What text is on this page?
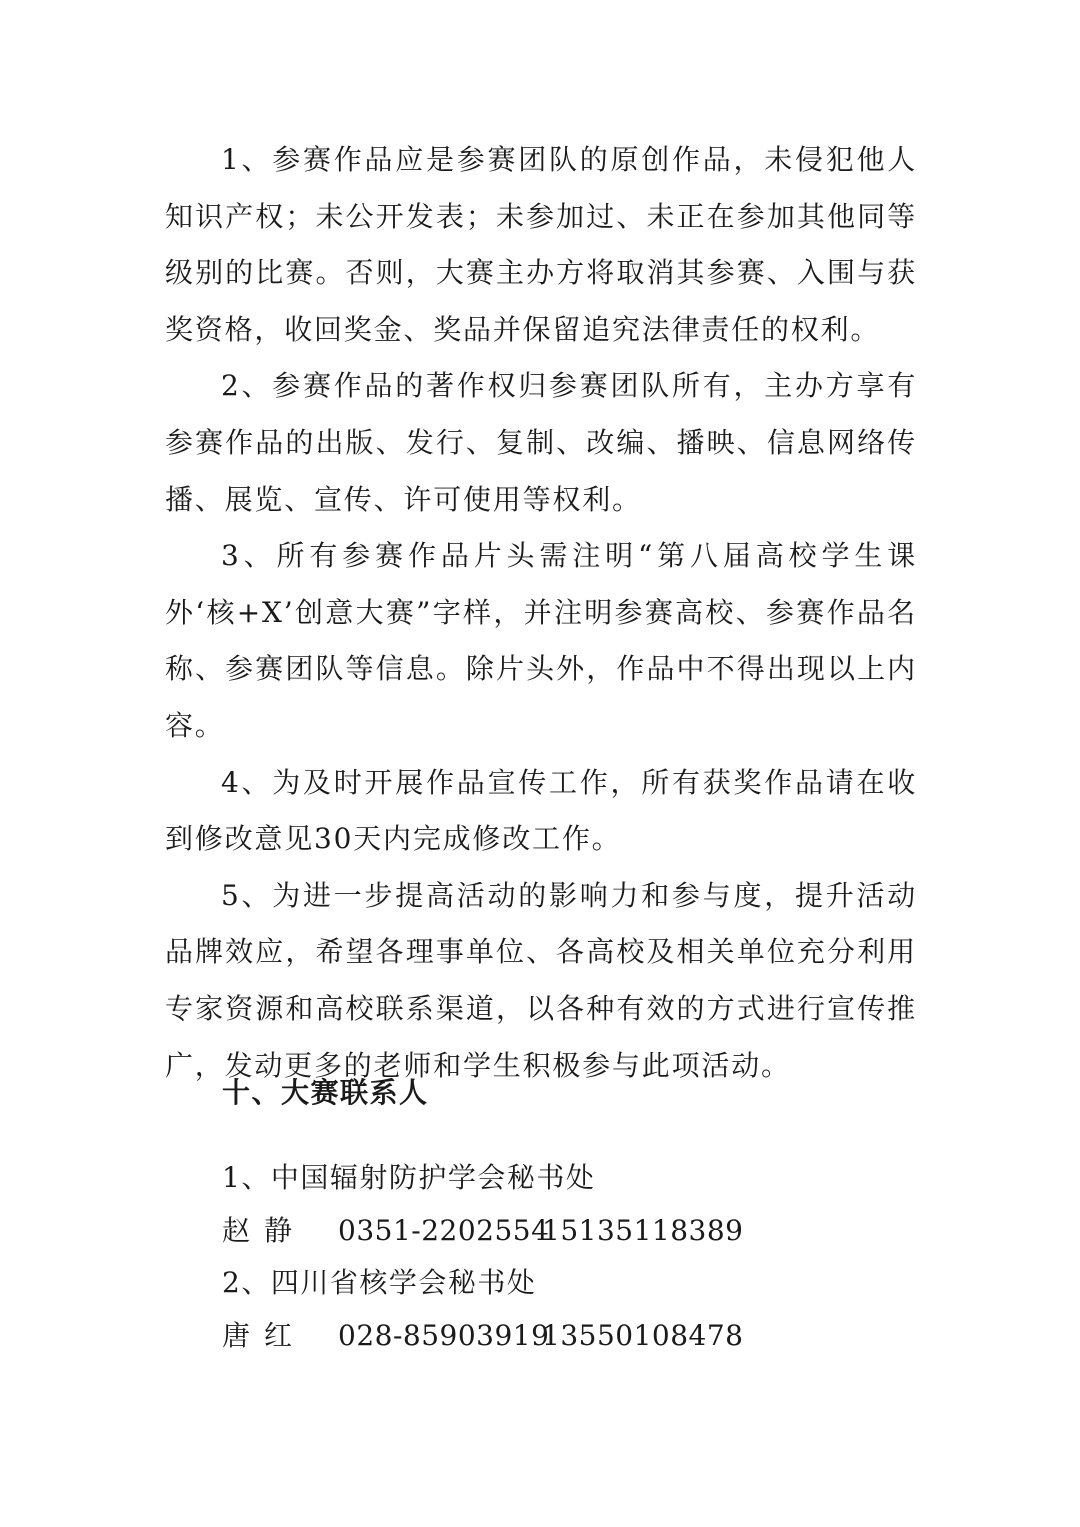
1、参赛作品应是参赛团队的原创作品，未侵犯他人知识产权；未公开发表；未参加过、未正在参加其他同等级别的比赛。否则，大赛主办方将取消其参赛、入围与获奖资格，收回奖金、奖品并保留追究法律责任的权利。

2、参赛作品的著作权归参赛团队所有，主办方享有参赛作品的出版、发行、复制、改编、播映、信息网络传播、展览、宣传、许可使用等权利。

3、所有参赛作品片头需注明“第八届高校学生课外‘核+X’创意大赛”字样，并注明参赛高校、参赛作品名称、参赛团队等信息。除片头外，作品中不得出现以上内容。

4、为及时开展作品宣传工作，所有获奖作品请在收到修改意见30天内完成修改工作。

5、为进一步提高活动的影响力和参与度，提升活动品牌效应，希望各理事单位、各高校及相关单位充分利用专家资源和高校联系渠道，以各种有效的方式进行宣传推广，发动更多的老师和学生积极参与此项活动。

十、大赛联系人
1、中国辐射防护学会秘书处
赵静 0351-220255415135118389
2、四川省核学会秘书处
唐红 028-8590391913550108478
